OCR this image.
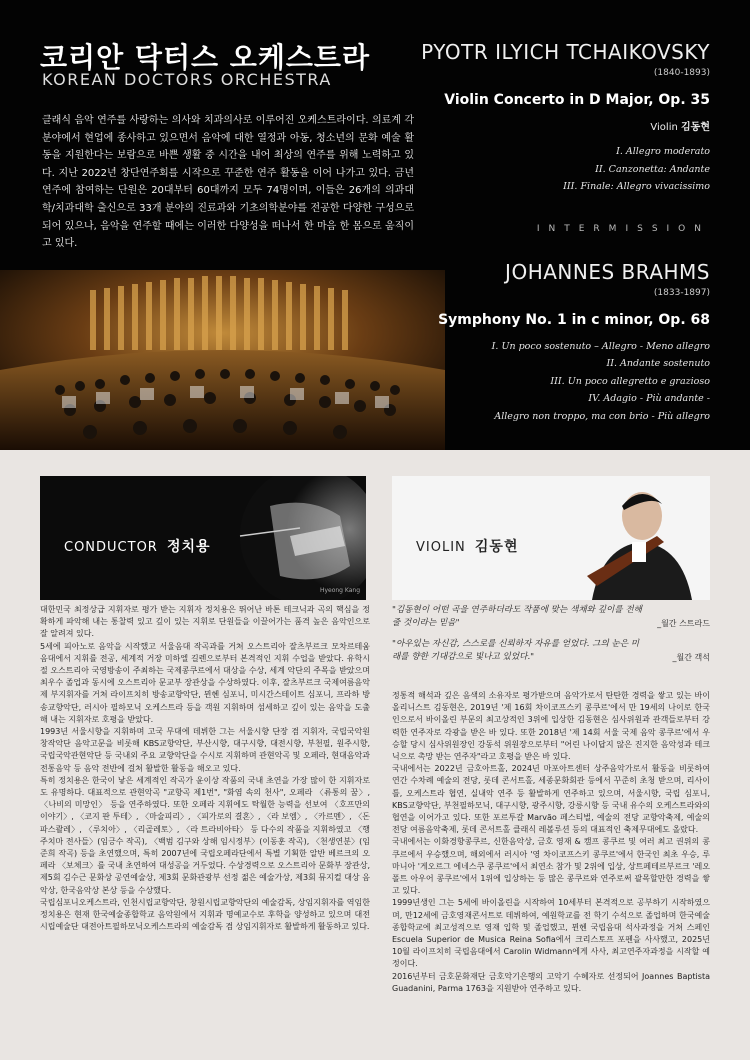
코리안 닥터스 오케스트라
KOREAN DOCTORS ORCHESTRA
클래식 음악 연주를 사랑하는 의사와 치과의사로 이루어진 오케스트라이다. 의료계 각 분야에서 현업에 종사하고 있으면서 음악에 대한 열정과 아동, 청소년의 문화 예술 활동을 지원한다는 보람으로 바쁜 생활 중 시간을 내어 최상의 연주를 위해 노력하고 있다. 지난 2022년 창단연주회를 시작으로 꾸준한 연주 활동을 이어 나가고 있다. 금년 연주에 참여하는 단원은 20대부터 60대까지 모두 74명이며, 이들은 26개의 의과대학/치과대학 출신으로 33개 분야의 진료과와 기초의학분야를 전공한 다양한 구성으로 되어 있으나, 음악을 연주할 때에는 이러한 다양성을 떠나서 한 마음 한 몸으로 움직이고 있다.
PYOTR ILYICH TCHAIKOVSKY
(1840-1893)
Violin Concerto in D Major, Op. 35
Violin 김동현
I. Allegro moderato
II. Canzonetta: Andante
III. Finale: Allegro vivacissimo
INTERMISSION
JOHANNES BRAHMS
(1833-1897)
Symphony No. 1 in c minor, Op. 68
I. Un poco sostenuto – Allegro - Meno allegro
II. Andante sostenuto
III. Un poco allegretto e grazioso
IV. Adagio - Più andante -
Allegro non troppo, ma con brio - Più allegro
CONDUCTOR 정치용
Hyeong Kang
VIOLIN 김동현

대한민국 최정상급 지휘자로 평가 받는 지휘자 정치용은 뛰어난 바톤 테크닉과 곡의 핵심을 정확하게 파악해 내는 통찰력 있고 깊이 있는 지휘로 단원들을 이끌어가는 품격 높은 음악인으로 잘 알려져 있다.

5세에 피아노로 음악을 시작했고 서울음대 작곡과를 거쳐 오스트리아 잘츠부르크 모차르테움 음대에서 지휘를 전공, 세계적 거장 미하엘 길렌으로부터 본격적인 지휘 수업을 받았다. 유학시절 오스트리아 국영방송이 주최하는 국제콩쿠르에서 대상을 수상, 세계 악단의 주목을 받았으며 최우수 졸업과 동시에 오스트리아 문교부 장관상을 수상하였다. 이후, 잘츠부르크 국제여름음악제 부지휘자를 거쳐 라이프치히 방송교향악단, 뮌헨 심포니, 미시간스테이트 심포니, 프라하 방송교향악단, 러시아 필하모닉 오케스트라 등을 객원 지휘하며 섬세하고 깊이 있는 음악을 도출해 내는 지휘자로 호평을 받았다.

1993년 서울시향을 지휘하며 고국 무대에 데뷔한 그는 서울시향 단장 겸 지휘자, 국립국악원 창작악단 음악고문을 비롯해 KBS교향악단, 부산시향, 대구시향, 대전시향, 부천필, 원주시향, 국립국악관현악단 등 국내외 주요 교향악단을 수시로 지휘하며 관현악곡 및 오페라, 현대음악과 전통음악 등 음악 전반에 걸쳐 활발한 활동을 해오고 있다.

특히 정치용은 한국이 낳은 세계적인 작곡가 윤이상 작품의 국내 초연을 가장 많이 한 지휘자로도 유명하다. 대표적으로 관현악곡 "교향곡 제1번", "화염 속의 천사", 오페라 〈류통의 꿈〉, 〈나비의 미망인〉 등을 연주하였다. 또한 오페라 지휘에도 탁월한 능력을 선보여 〈호프만의 이야기〉, 〈코지 판 투테〉, 〈마술피리〉, 〈피가로의 결혼〉, 〈라 보엠〉, 〈카르멘〉, 〈돈 파스콸레〉, 〈루치아〉, 〈리골레토〉, 〈라 트라비아타〉 등 다수의 작품을 지휘하였고 〈행주치마 전사들〉(임긍수 작곡), 〈백범 김구와 상해 임시정부〉(이동훈 작곡), 〈천생연분〉(임준희 작곡) 등을 초연했으며, 특히 2007년에 국립오페라단에서 특별 기획한 알반 베르크의 오페라 〈보체크〉를 국내 초연하여 대성공을 거두었다. 수상경력으로 오스트리아 문화부 장관상, 제5회 김수근 문화상 공연예술상, 제3회 문화관광부 선정 젊은 예술가상, 제3회 뮤지컬 대상 음악상, 한국음악상 본상 등을 수상했다.

국립심포니오케스트라, 인천시립교향악단, 창원시립교향악단의 예술감독, 상임지휘자를 역임한 정치용은 현재 한국예술종합학교 음악원에서 지휘과 명예교수로 후학을 양성하고 있으며 대전시립예술단 대전아트필하모닉오케스트라의 예술감독 겸 상임지휘자로 활발하게 활동하고 있다.

"김동현이 어떤 곡을 연주하더라도 작품에 맞는 색채와 깊이를 전해줄 것이라는 믿음"	_월간 스트라드
"아우있는 자신감, 스스로를 신뢰하자 자유를 얻었다. 그의 눈은 미래를 향한 기대감으로 빛나고 있었다."	_월간 객석

정통적 해석과 깊은 음색의 소유자로 평가받으며 음악가로서 탄탄한 경력을 쌓고 있는 바이올리니스트 김동현은, 2019년 '제 16회 차이코프스키 콩쿠르'에서 만 19세의 나이로 한국인으로서 바이올린 부문의 최고상적인 3위에 입상한 김동현은 심사위원과 관객들로부터 강력한 연주자로 각광을 받은 바 있다. 또한 2018년 '제 14회 서울 국제 음악 콩쿠르'에서 우승할 당시 심사위원장인 강동석 위원장으로부터 "어린 나이답지 않은 진지한 음악성과 테크닉으로 촉망 받는 연주자"라고 호평을 받은 바 있다.

국내에서는 2022년 금호아트홀, 2024년 마포아트센터 상주음악가로서 활동을 비롯하여 연간 수차례 예술의 전당, 롯데 콘서트홀, 세종문화회관 등에서 꾸준히 초청 받으며, 리사이틀, 오케스트라 협연, 실내악 연주 등 활발하게 연주하고 있으며, 서울시향, 국립 심포니, KBS교향악단, 부천필하모닉, 대구시향, 광주시향, 강릉시향 등 국내 유수의 오케스트라와의 협연을 이어가고 있다. 또한 포르투갈 Marvão 페스티벌, 예술의 전당 교향악축제, 예술의 전당 여름음악축제, 롯데 콘서트홀 클래식 레볼루션 등의 대표적인 축제무대에도 올랐다.

국내에서는 이화경향콩쿠르, 신한음악상, 금호 영재 & 캠프 콩쿠르 및 여러 최고 권위의 콩쿠르에서 우승했으며, 해외에서 러시아 '영 차이코프스키 콩쿠르'에서 한국인 최초 우승, 루마니아 '게오르그 에네스쿠 콩쿠르'에서 최연소 참가 및 2위에 입상, 상트페테르부르크 '레오폴트 아우어 콩쿠르'에서 1위에 입상하는 등 많은 콩쿠르와 연주로써 괄목할만한 경력을 쌓고 있다.

1999년생인 그는 5세에 바이올린을 시작하여 10세부터 본격적으로 공부하기 시작하였으며, 만12세에 금호영재콘서트로 데뷔하여, 예원학교를 전 학기 수석으로 졸업하며 한국예술종합학교에 최고성적으로 영재 입학 및 졸업했고, 뮌헨 국립음대 석사과정을 거쳐 스페인 Escuela Superior de Musica Reina Sofia에서 크리스토프 포펜을 사사했고, 2025년 10월 라이프치히 국립음대에서 Carolin Widmann에게 사사, 최고연주자과정을 시작할 예정이다.

2016년부터 금호문화재단 금호악기은행의 고악기 수혜자로 선정되어 Joannes Baptista Guadanini, Parma 1763을 지원받아 연주하고 있다.
